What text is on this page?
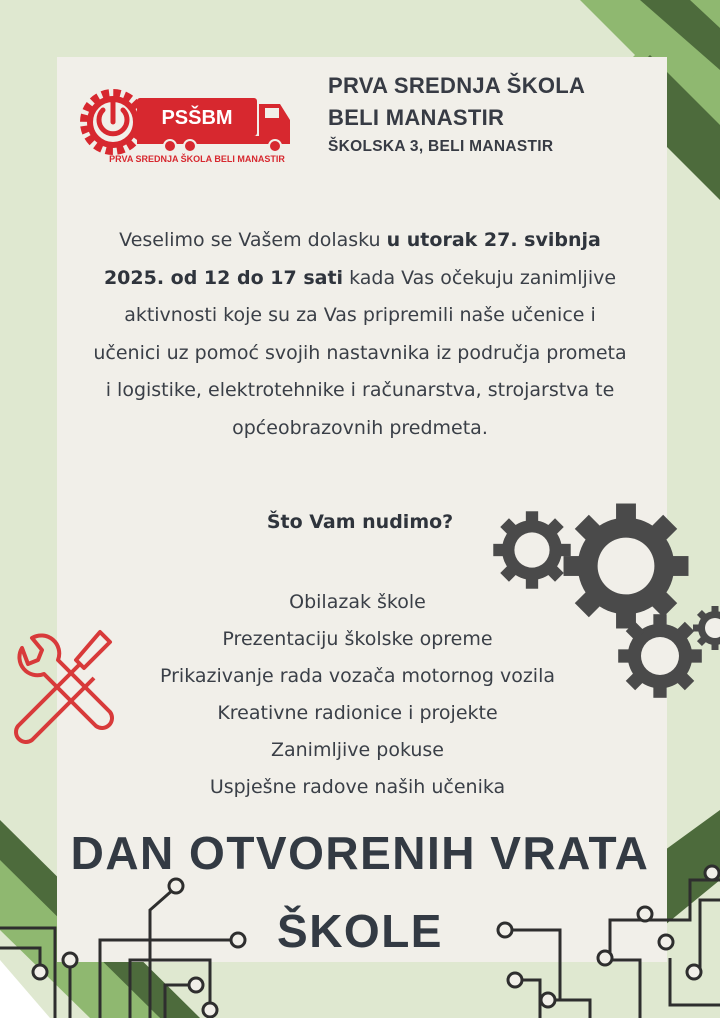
PSŠBM
PRVA SREDNJA ŠKOLA BELI MANASTIR
PRVA SREDNJA ŠKOLA
BELI MANASTIR
ŠKOLSKA 3, BELI MANASTIR
Veselimo se Vašem dolasku u utorak 27. svibnja 2025. od 12 do 17 sati kada Vas očekuju zanimljive aktivnosti koje su za Vas pripremili naše učenice i učenici uz pomoć svojih nastavnika iz područja prometa i logistike, elektrotehnike i računarstva, strojarstva te općeobrazovnih predmeta.
Što Vam nudimo?
Obilazak škole
Prezentaciju školske opreme
Prikazivanje rada vozača motornog vozila
Kreativne radionice i projekte
Zanimljive pokuse
Uspješne radove naših učenika
DAN OTVORENIH VRATA
ŠKOLE
